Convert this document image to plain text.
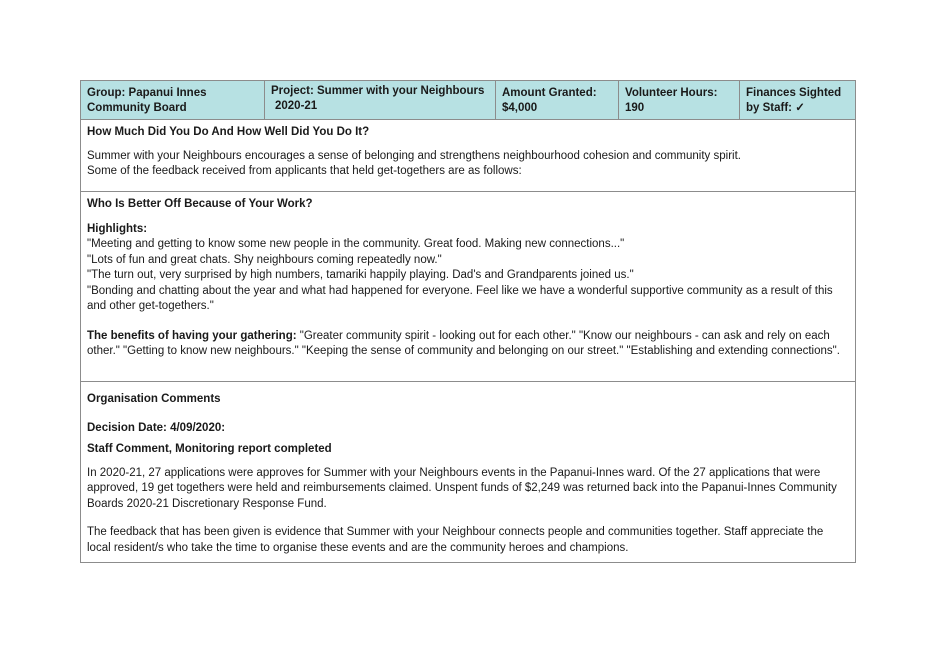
Group: Papanui Innes
Community Board
Project: Summer with your Neighbours
2020-21
Amount Granted:
$4,000
Volunteer Hours:
190
Finances Sighted
by Staff: ✓

How Much Did You Do And How Well Did You Do It?

Summer with your Neighbours encourages a sense of belonging and strengthens neighbourhood cohesion and community spirit.

Some of the feedback received from applicants that held get-togethers are as follows:

Who Is Better Off Because of Your Work?

Highlights:

"Meeting and getting to know some new people in the community. Great food. Making new connections..."

"Lots of fun and great chats. Shy neighbours coming repeatedly now."

"The turn out, very surprised by high numbers, tamariki happily playing. Dad's and Grandparents joined us."

"Bonding and chatting about the year and what had happened for everyone. Feel like we have a wonderful supportive community as a result of this

and other get-togethers."

The benefits of having your gathering: "Greater community spirit - looking out for each other." "Know our neighbours - can ask and rely on each

other." "Getting to know new neighbours." "Keeping the sense of community and belonging on our street." "Establishing and extending connections".

Organisation Comments

Decision Date: 4/09/2020:

Staff Comment, Monitoring report completed

In 2020-21, 27 applications were approves for Summer with your Neighbours events in the Papanui-Innes ward. Of the 27 applications that were

approved, 19 get togethers were held and reimbursements claimed. Unspent funds of $2,249 was returned back into the Papanui-Innes Community

Boards 2020-21 Discretionary Response Fund.

The feedback that has been given is evidence that Summer with your Neighbour connects people and communities together. Staff appreciate the

local resident/s who take the time to organise these events and are the community heroes and champions.
